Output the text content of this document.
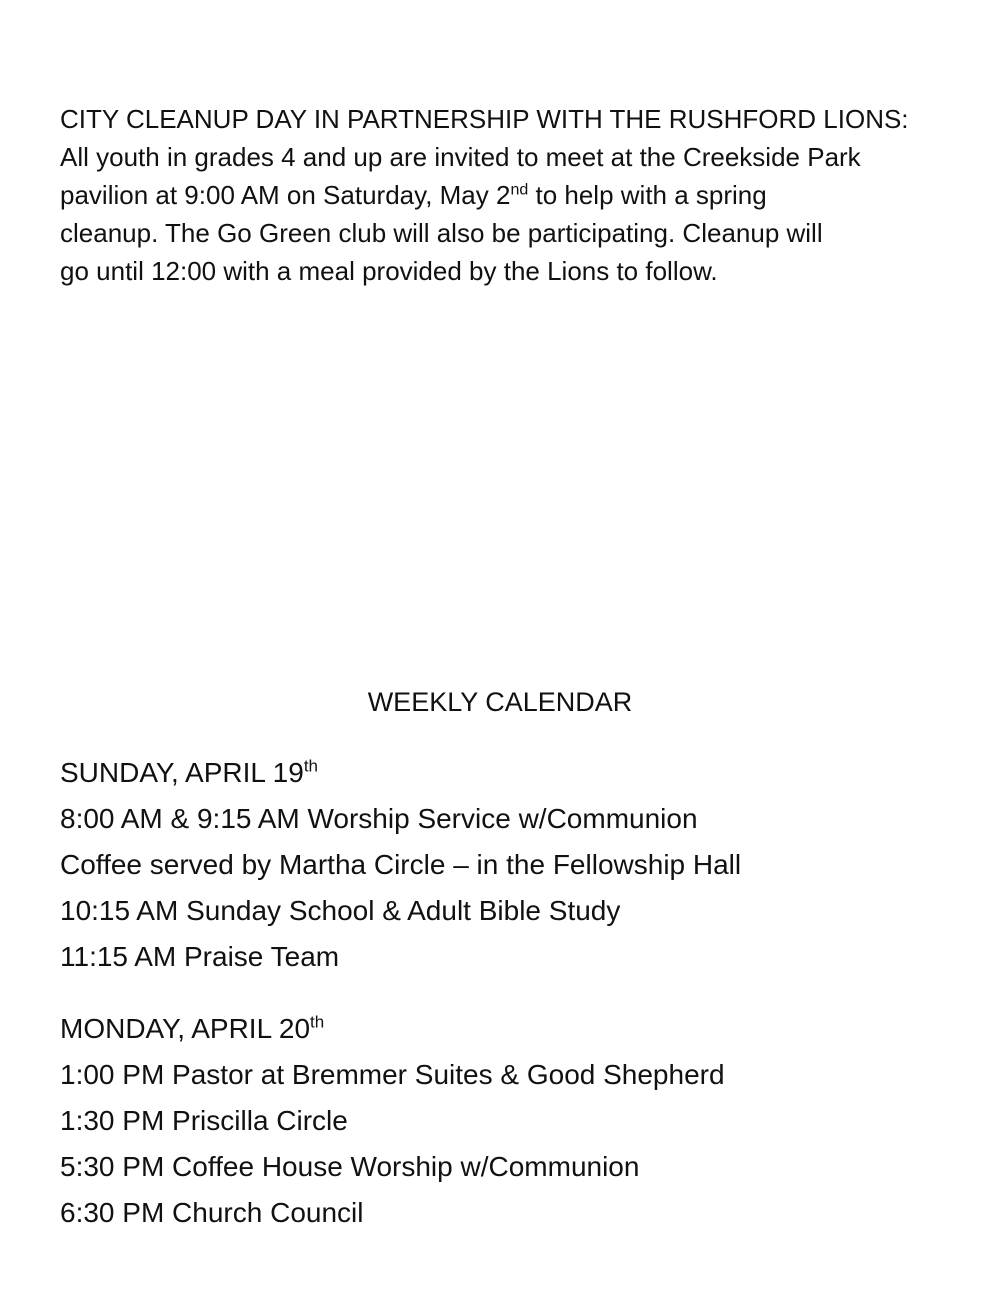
CITY CLEANUP DAY IN PARTNERSHIP WITH THE RUSHFORD LIONS:

All youth in grades 4 and up are invited to meet at the Creekside Park

pavilion at 9:00 AM on Saturday, May 2nd to help with a spring

cleanup. The Go Green club will also be participating. Cleanup will

go until 12:00 with a meal provided by the Lions to follow.

WEEKLY CALENDAR
SUNDAY, APRIL 19th
8:00 AM & 9:15 AM Worship Service w/Communion
Coffee served by Martha Circle – in the Fellowship Hall
10:15 AM Sunday School & Adult Bible Study
11:15 AM Praise Team
MONDAY, APRIL 20th
1:00 PM Pastor at Bremmer Suites & Good Shepherd
1:30 PM Priscilla Circle
5:30 PM Coffee House Worship w/Communion
6:30 PM Church Council
